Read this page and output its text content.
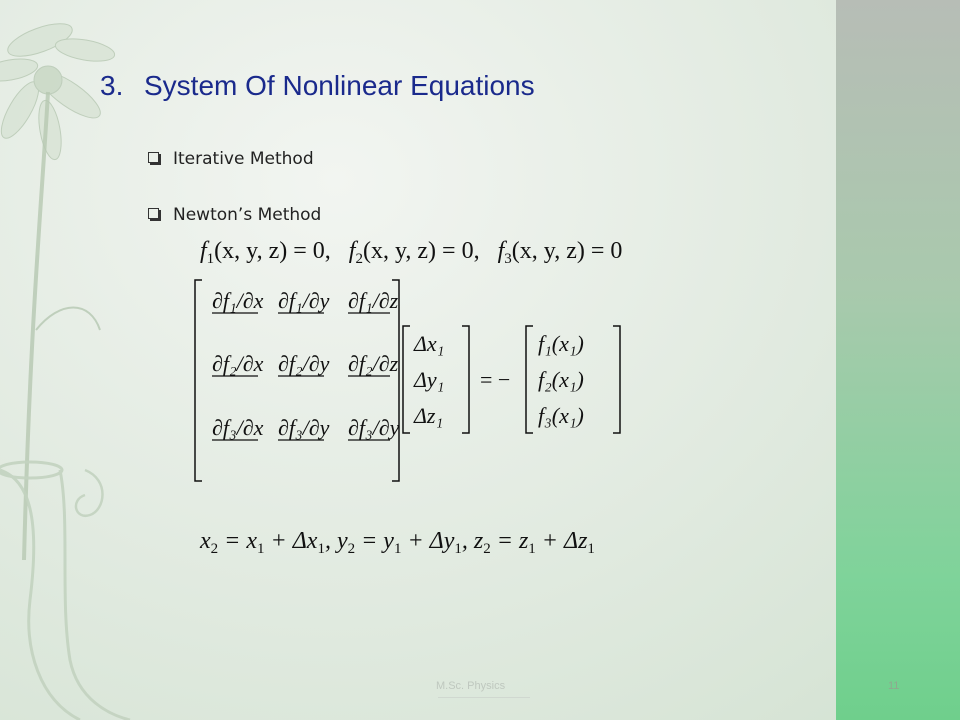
3. System Of Nonlinear Equations
Iterative Method
Newton’s Method
$f_1(x$, y, z) = 0, $f_2(x$, y, z) = 0, $f_3(x$, y, z) = 0
∂f₁/∂x ∂f₁/∂y ∂f₁/∂z
∂f₂/∂x ∂f₂/∂y ∂f₂/∂z
∂f₃/∂x ∂f₃/∂y ∂f₃/∂y
Δx₁
Δy₁
Δz₁
= −
f₁(x₁)
f₂(x₁)
f₃(x₁)
$x_2 = x_1 + \Delta x_1$, $y_2 = y_1 + \Delta y_1$, $z_2 = z_1 + \Delta z_1$
M.Sc. Physics	11
